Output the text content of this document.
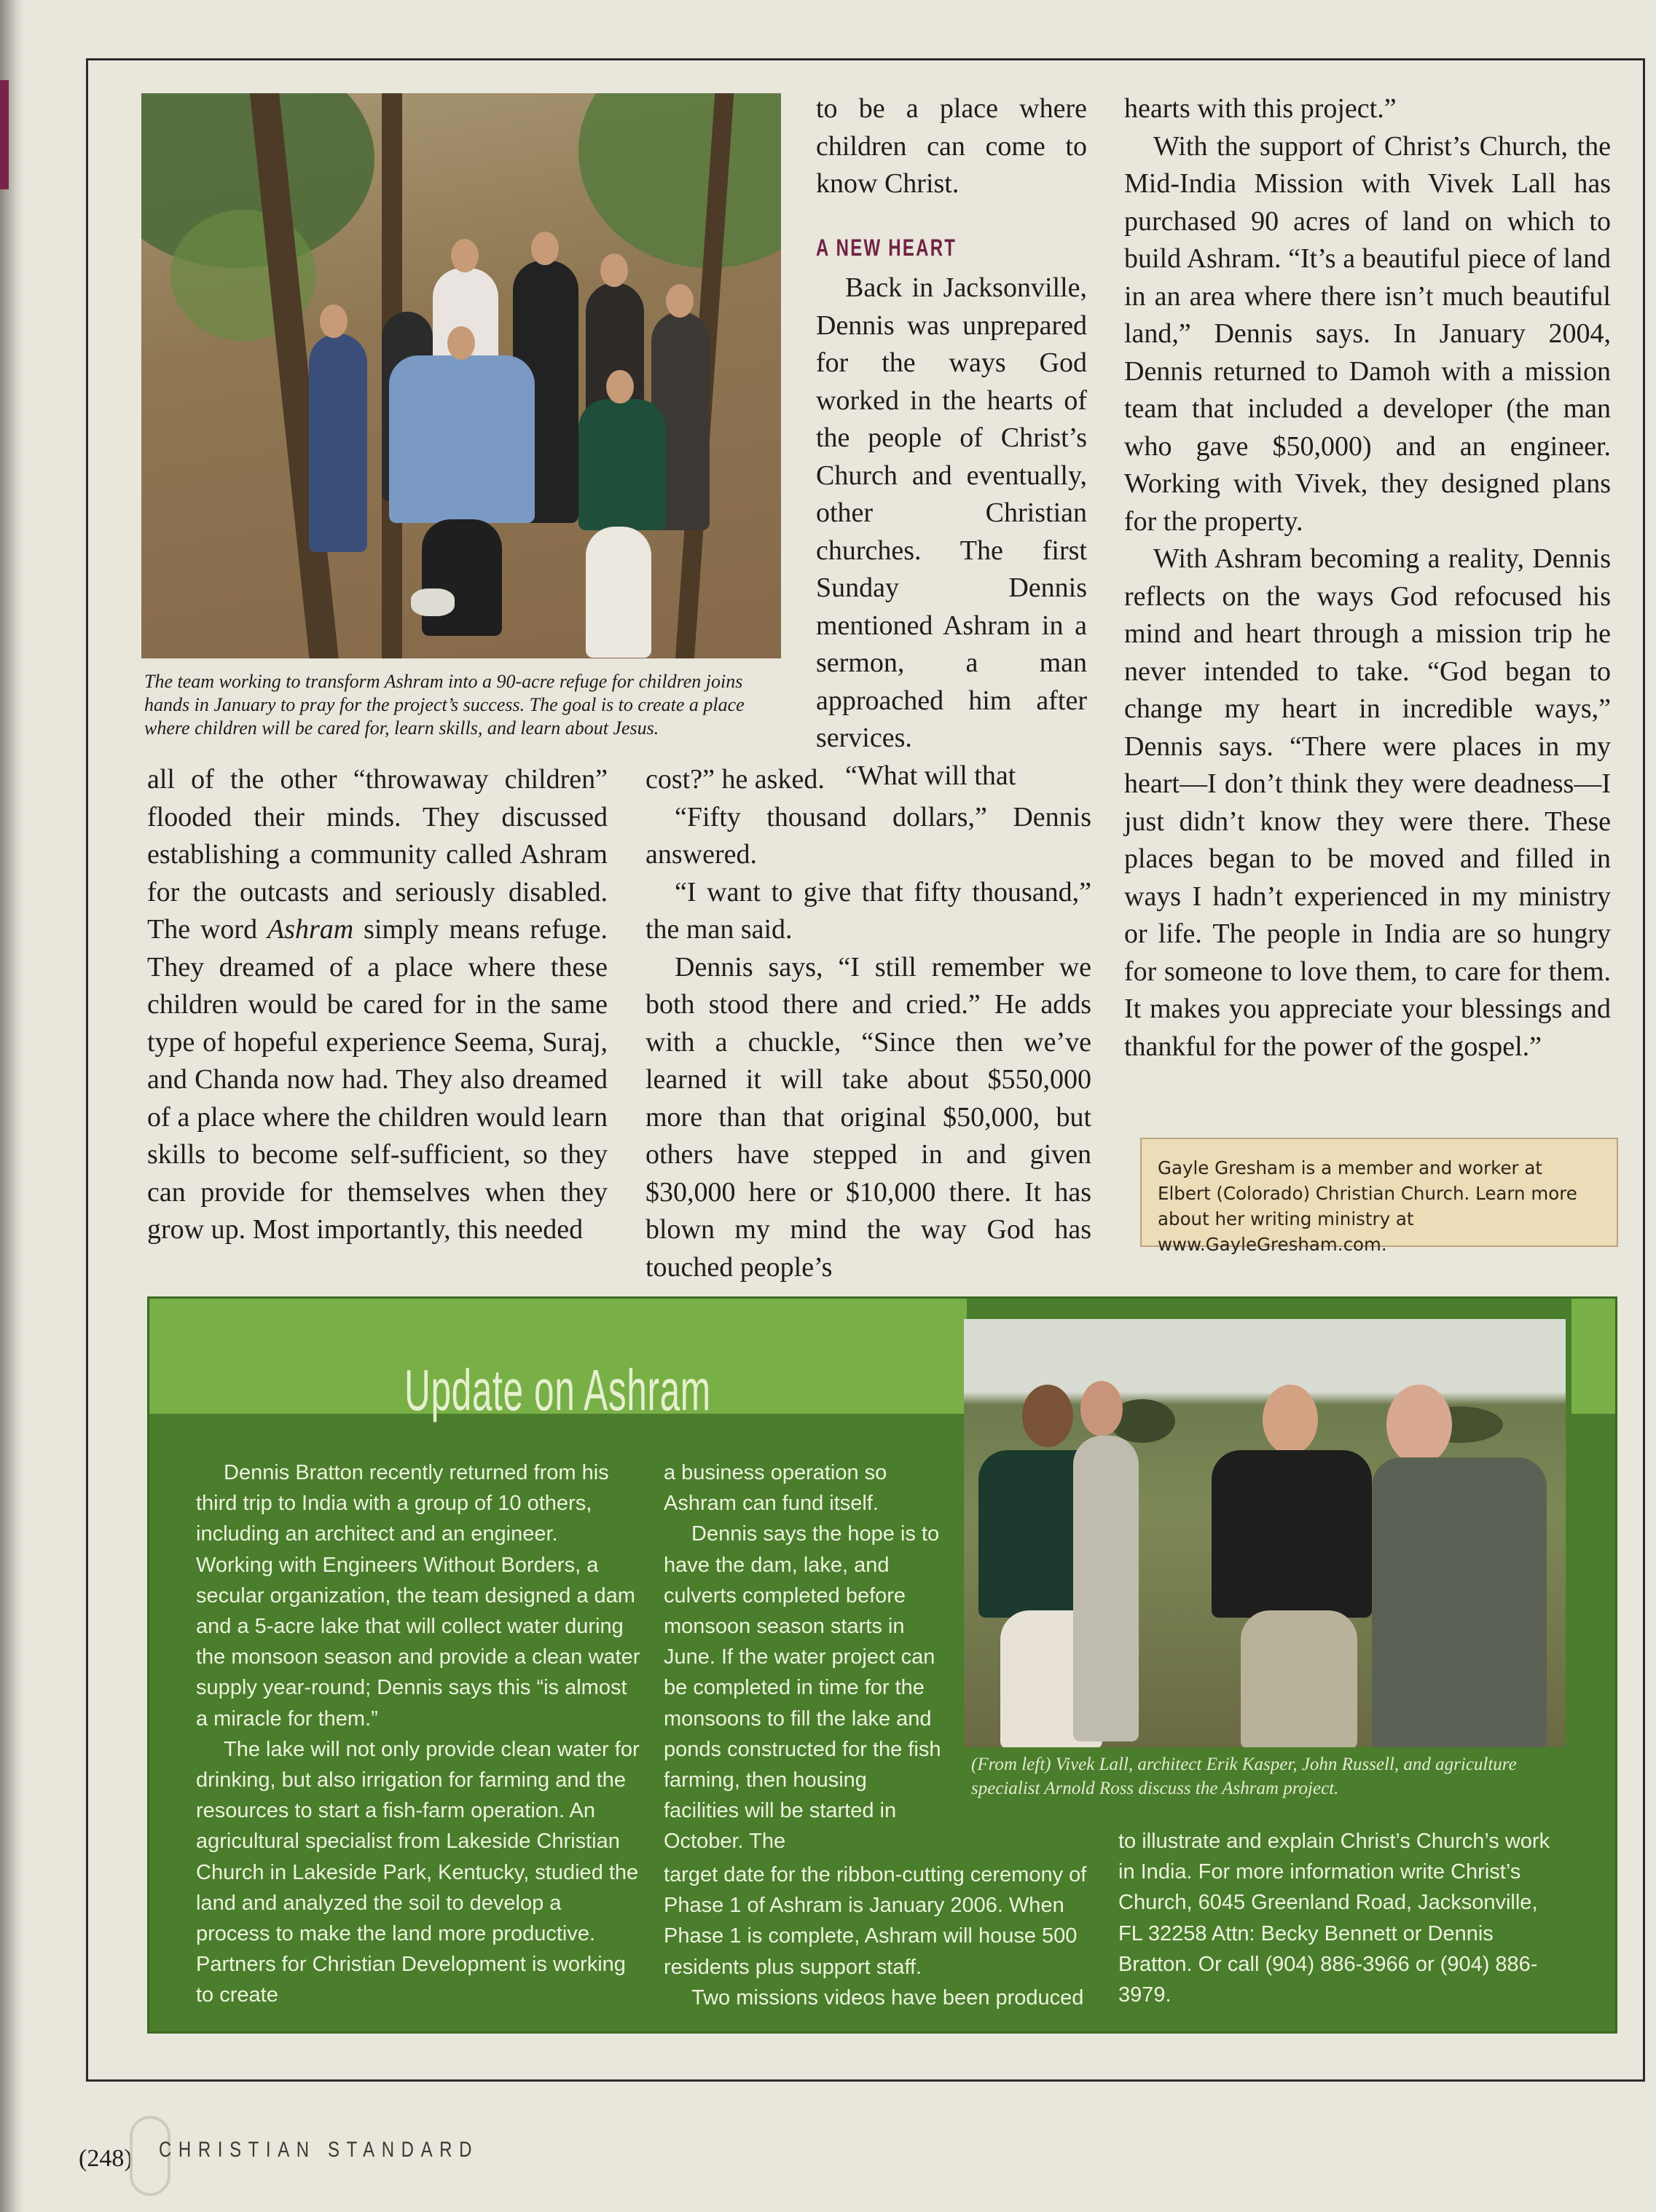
The team working to transform Ashram into a 90-acre refuge for children joins hands in January to pray for the project’s success. The goal is to create a place where children will be cared for, learn skills, and learn about Jesus.

to be a place where children can come to know Christ.

A NEW HEART

Back in Jacksonville, Dennis was unprepared for the ways God worked in the hearts of the people of Christ’s Church and eventually, other Christian churches. The first Sunday Dennis mentioned Ashram in a sermon, a man approached him after services.

“What will that

all of the other “throwaway children” flooded their minds. They discussed establishing a community called Ashram for the outcasts and seriously disabled. The word Ashram simply means refuge. They dreamed of a place where these children would be cared for in the same type of hopeful experience Seema, Suraj, and Chanda now had. They also dreamed of a place where the children would learn skills to become self-sufficient, so they can provide for themselves when they grow up. Most importantly, this needed

cost?” he asked.

“Fifty thousand dollars,” Dennis answered.

“I want to give that fifty thousand,” the man said.

Dennis says, “I still remember we both stood there and cried.” He adds with a chuckle, “Since then we’ve learned it will take about $550,000 more than that original $50,000, but others have stepped in and given $30,000 here or $10,000 there. It has blown my mind the way God has touched people’s

hearts with this project.”

With the support of Christ’s Church, the Mid-India Mission with Vivek Lall has purchased 90 acres of land on which to build Ashram. “It’s a beautiful piece of land in an area where there isn’t much beautiful land,” Dennis says. In January 2004, Dennis returned to Damoh with a mission team that included a developer (the man who gave $50,000) and an engineer. Working with Vivek, they designed plans for the property.

With Ashram becoming a reality, Dennis reflects on the ways God refocused his mind and heart through a mission trip he never intended to take. “God began to change my heart in incredible ways,” Dennis says. “There were places in my heart—I don’t think they were deadness—I just didn’t know they were there. These places began to be moved and filled in ways I hadn’t experienced in my ministry or life. The people in India are so hungry for someone to love them, to care for them. It makes you appreciate your blessings and thankful for the power of the gospel.”

Gayle Gresham is a member and worker at Elbert (Colorado) Christian Church. Learn more about her writing ministry at www.GayleGresham.com.
Update on Ashram

Dennis Bratton recently returned from his third trip to India with a group of 10 others, including an architect and an engineer. Working with Engineers Without Borders, a secular organization, the team designed a dam and a 5-acre lake that will collect water during the monsoon season and provide a clean water supply year-round; Dennis says this “is almost a miracle for them.”

The lake will not only provide clean water for drinking, but also irrigation for farming and the resources to start a fish-farm operation. An agricultural specialist from Lakeside Christian Church in Lakeside Park, Kentucky, studied the land and analyzed the soil to develop a process to make the land more productive. Partners for Christian Development is working to create

a business operation so Ashram can fund itself.

Dennis says the hope is to have the dam, lake, and culverts completed before monsoon season starts in June. If the water project can be completed in time for the monsoons to fill the lake and ponds constructed for the fish farming, then housing facilities will be started in October. The

target date for the ribbon-cutting ceremony of Phase 1 of Ashram is January 2006. When Phase 1 is complete, Ashram will house 500 residents plus support staff.

Two missions videos have been produced

to illustrate and explain Christ’s Church’s work in India. For more information write Christ’s Church, 6045 Greenland Road, Jacksonville, FL 32258 Attn: Becky Bennett or Dennis Bratton. Or call (904) 886-3966 or (904) 886-3979.

(From left) Vivek Lall, architect Erik Kasper, John Russell, and agriculture specialist Arnold Ross discuss the Ashram project.
(248) CHRISTIAN STANDARD
